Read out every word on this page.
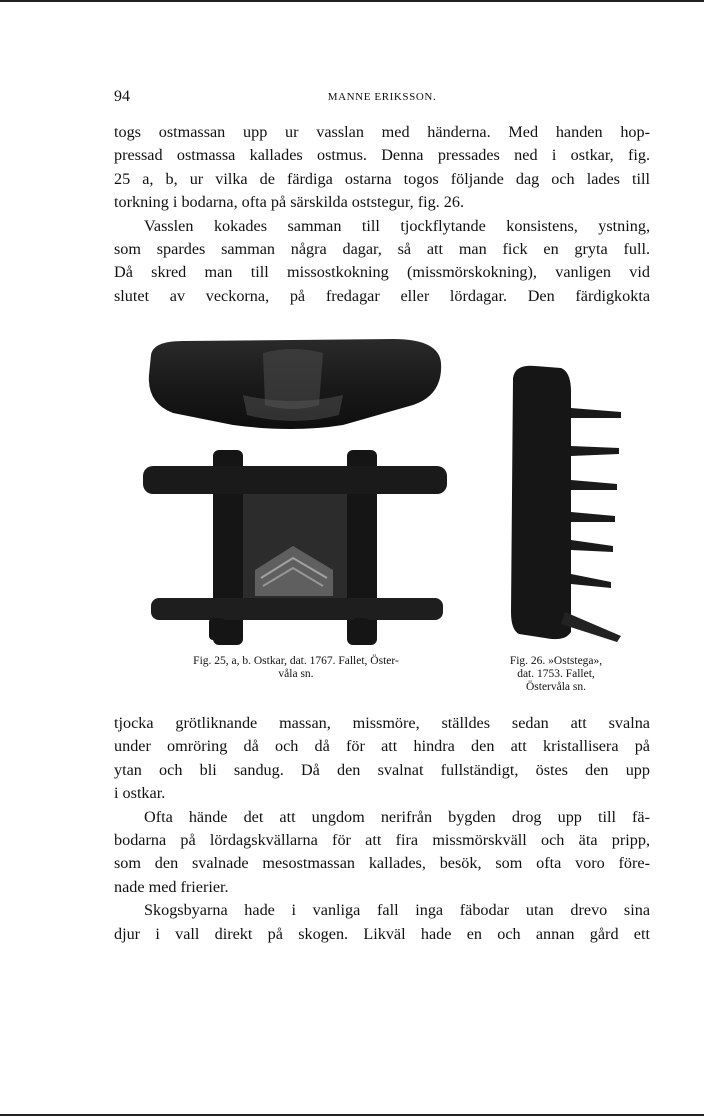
94	MANNE ERIKSSON.
togs ostmassan upp ur vasslan med händerna. Med handen hop-
pressad ostmassa kallades ostmus. Denna pressades ned i ostkar, fig.
25 a, b, ur vilka de färdiga ostarna togos följande dag och lades till
torkning i bodarna, ofta på särskilda oststegur, fig. 26.
Vasslen kokades samman till tjockflytande konsistens, ystning,
som spardes samman några dagar, så att man fick en gryta full.
Då skred man till missostkokning (missmörskokning), vanligen vid
slutet av veckorna, på fredagar eller lördagar. Den färdigkokta
Fig. 25, a, b. Ostkar, dat. 1767. Fallet, Öster-
våla sn.
Fig. 26. »Oststega»,
dat. 1753. Fallet,
Östervåla sn.
tjocka grötliknande massan, missmöre, ställdes sedan att svalna
under omröring då och då för att hindra den att kristallisera på
ytan och bli sandug. Då den svalnat fullständigt, östes den upp
i ostkar.
Ofta hände det att ungdom nerifrån bygden drog upp till fä-
bodarna på lördagskvällarna för att fira missmörskväll och äta pripp,
som den svalnade mesostmassan kallades, besök, som ofta voro före-
nade med frierier.
Skogsbyarna hade i vanliga fall inga fäbodar utan drevo sina
djur i vall direkt på skogen. Likväl hade en och annan gård ett
